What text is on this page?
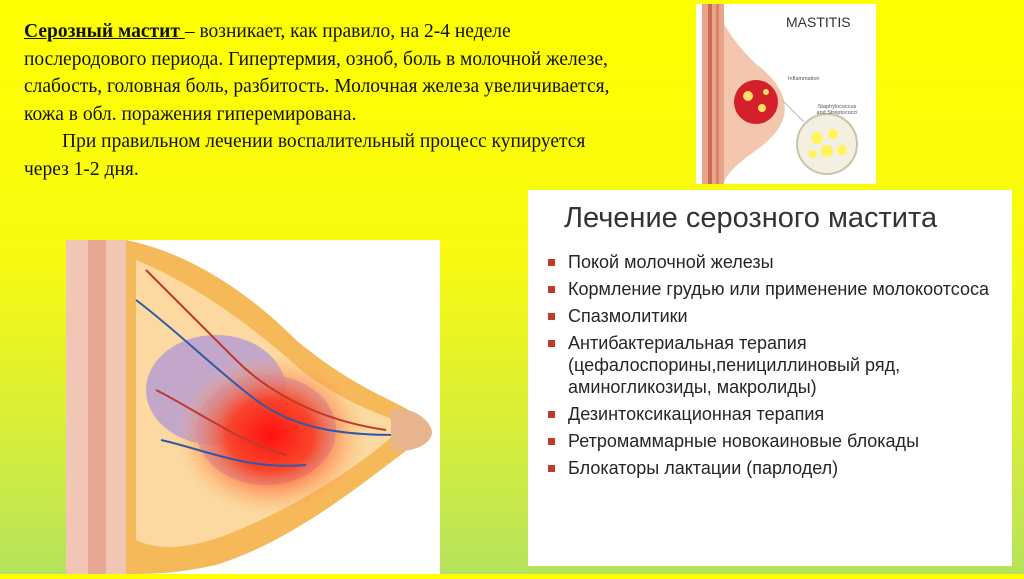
Серозный мастит – возникает, как правило, на 2-4 неделе послеродового периода. Гипертермия, озноб, боль в молочной железе, слабость, головная боль, разбитость. Молочная железа увеличивается, кожа в обл. поражения гиперемирована.

При правильном лечении воспалительный процесс купируется через 1-2 дня.

MASTITIS
Inflammation
Staphylococcus and Streptococci
Лечение серозного мастита
Покой молочной железы
Кормление грудью или применение молокоотсоса
Спазмолитики
Антибактериальная терапия (цефалоспорины,пенициллиновый ряд, аминогликозиды, макролиды)
Дезинтоксикационная терапия
Ретромаммарные новокаиновые блокады
Блокаторы лактации (парлодел)
